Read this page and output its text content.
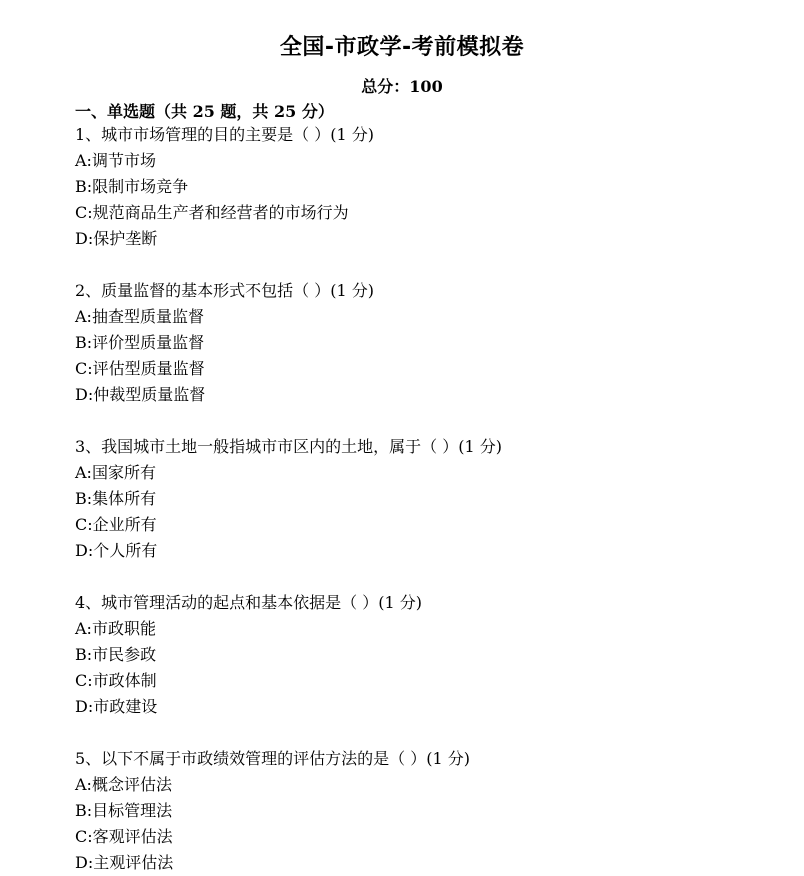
全国-市政学-考前模拟卷
总分：100
一、单选题（共 25 题，共 25 分）
1、城市市场管理的目的主要是（ ）(1 分)
A:调节市场
B:限制市场竞争
C:规范商品生产者和经营者的市场行为
D:保护垄断
2、质量监督的基本形式不包括（ ）(1 分)
A:抽查型质量监督
B:评价型质量监督
C:评估型质量监督
D:仲裁型质量监督
3、我国城市土地一般指城市市区内的土地，属于（ ）(1 分)
A:国家所有
B:集体所有
C:企业所有
D:个人所有
4、城市管理活动的起点和基本依据是（ ）(1 分)
A:市政职能
B:市民参政
C:市政体制
D:市政建设
5、以下不属于市政绩效管理的评估方法的是（ ）(1 分)
A:概念评估法
B:目标管理法
C:客观评估法
D:主观评估法
